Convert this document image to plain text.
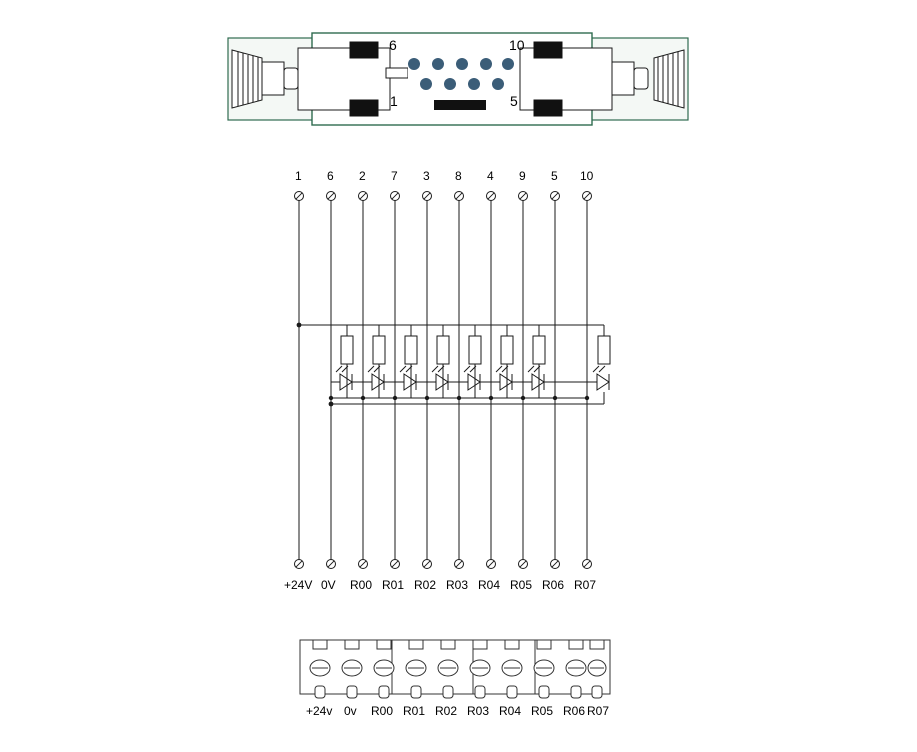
6	10
1	5
1 6 2 7 3 8 4 9 5 10
+24V 0V R00 R01 R02 R03 R04 R05 R06 R07
+24v 0v R00 R01 R02 R03 R04 R05 R06 R07
